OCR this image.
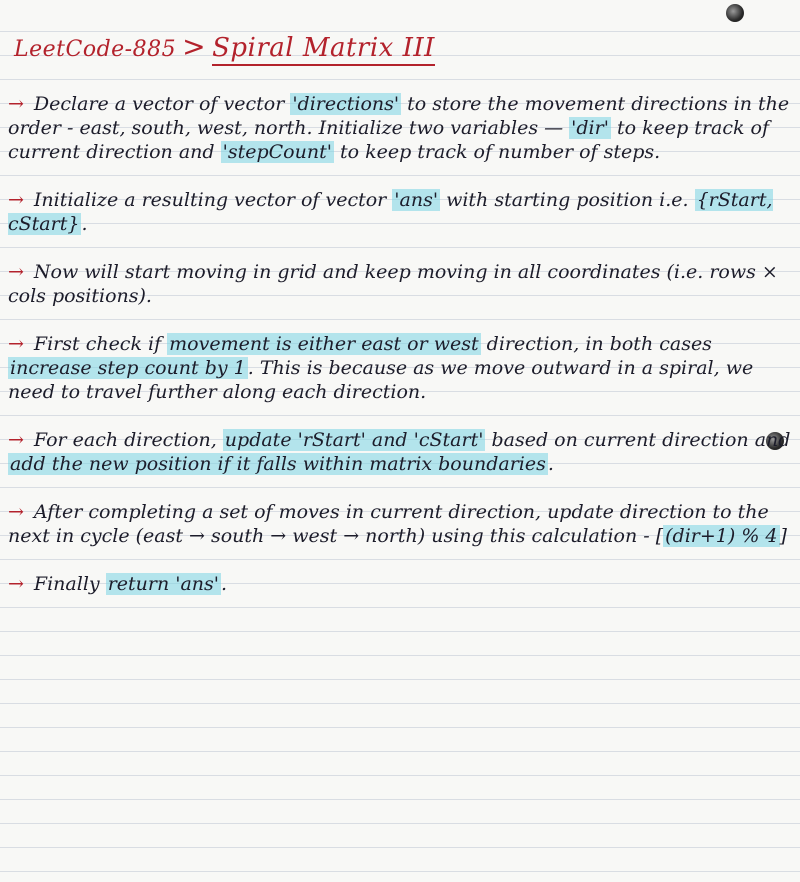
LeetCode-885 > Spiral Matrix III
→ Declare a vector of vector 'directions' to store the movement directions in the order - east, south, west, north. Initialize two variables — 'dir' to keep track of current direction and 'stepCount' to keep track of number of steps.
→ Initialize a resulting vector of vector 'ans' with starting position i.e. {rStart, cStart} .
→ Now will start moving in grid and keep moving in all coordinates (i.e. rows × cols positions).
→ First check if movement is either east or west direction, in both cases increase step count by 1 . This is because as we move outward in a spiral, we need to travel further along each direction.
→ For each direction, update 'rStart' and 'cStart' based on current direction and add the new position if it falls within matrix boundaries .
→ After completing a set of moves in current direction, update direction to the next in cycle (east → south → west → north) using this calculation - [ (dir+1) % 4 ]
→ Finally return 'ans' .
